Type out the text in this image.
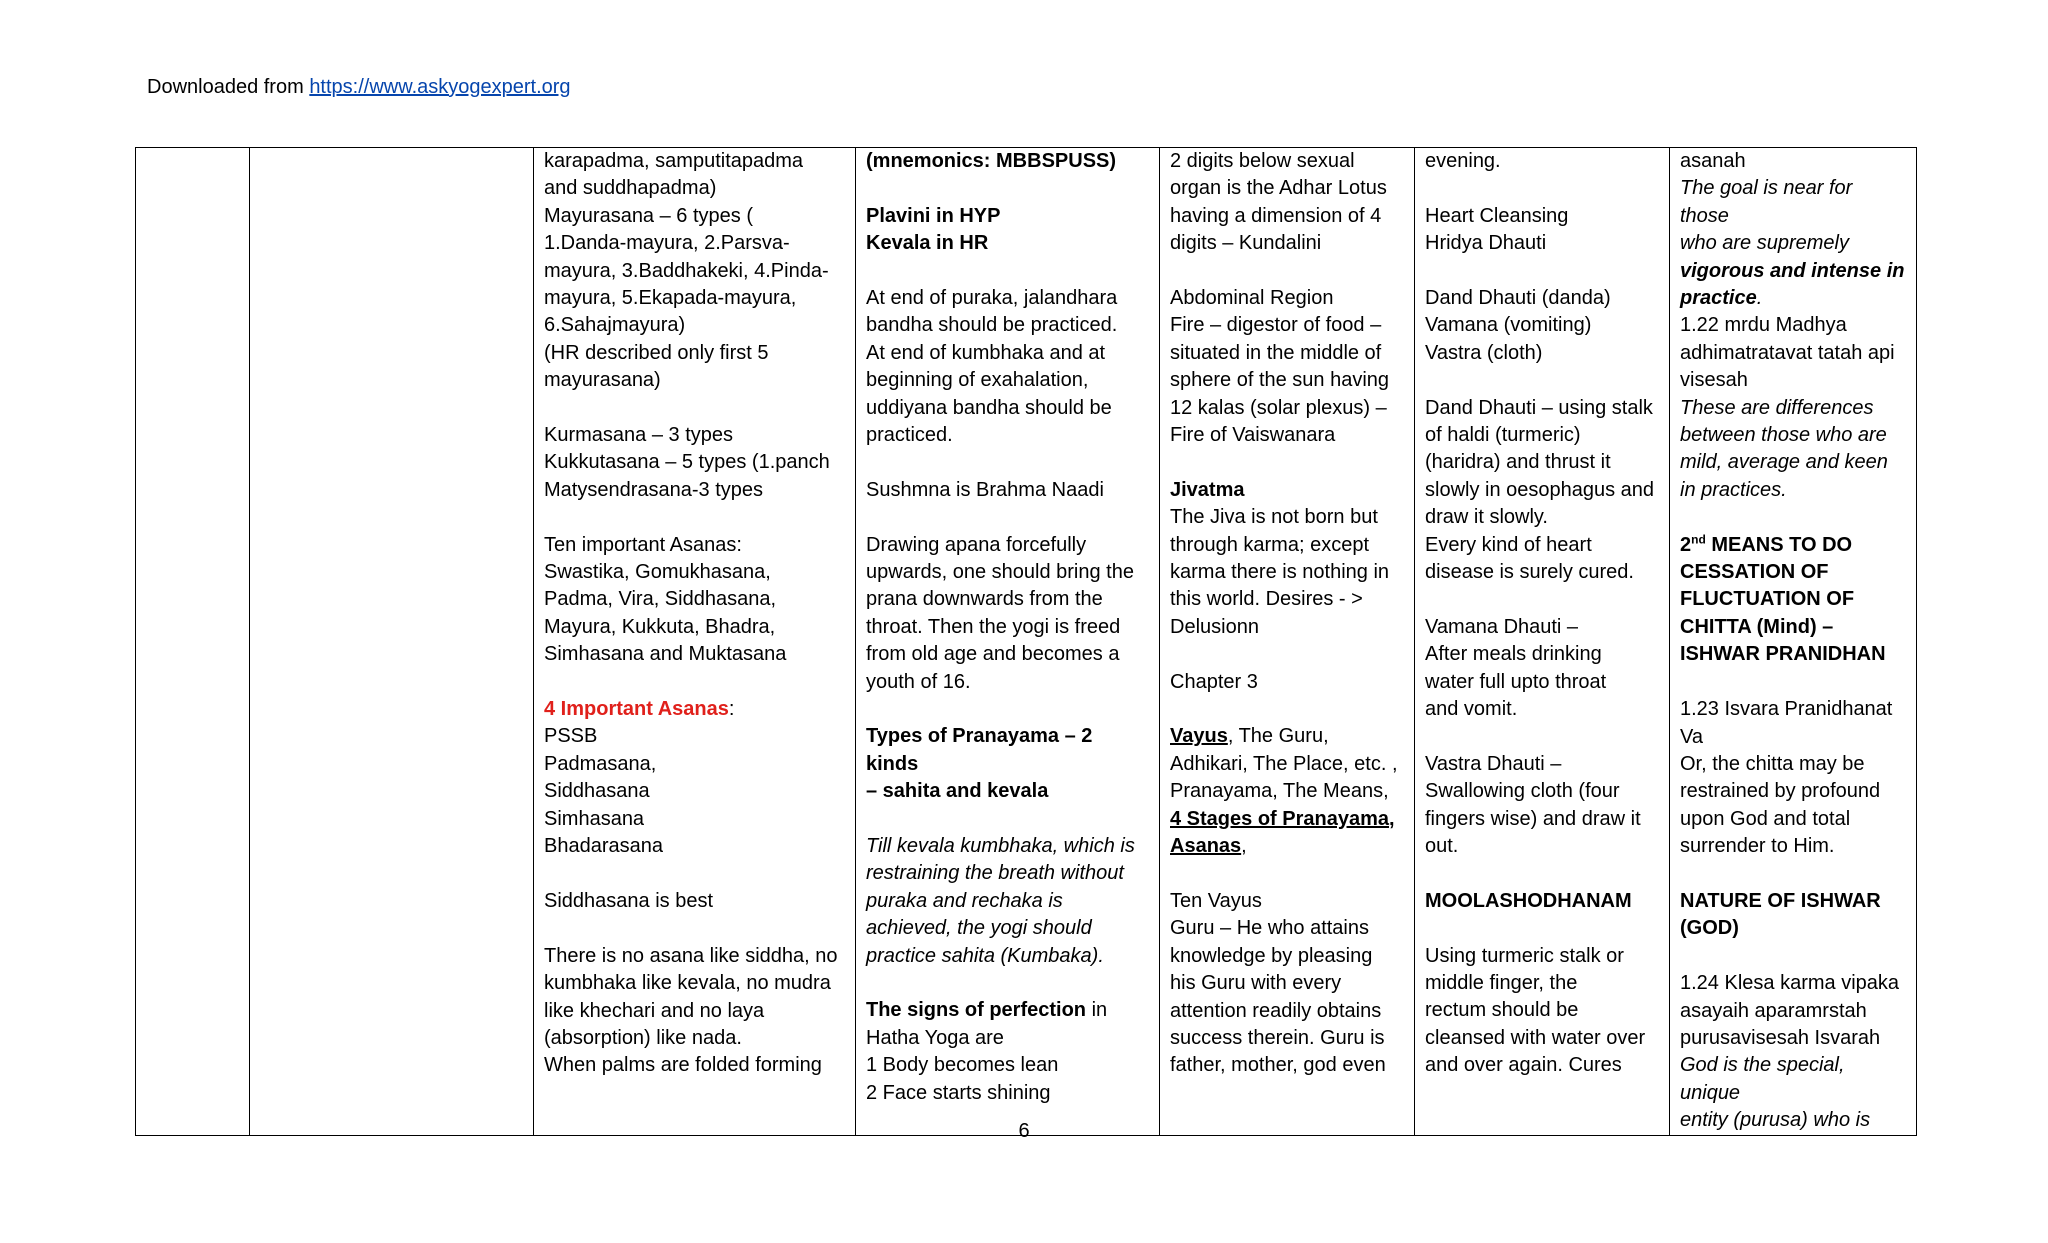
Downloaded from https://www.askyogexpert.org

karapadma, samputitapadma
and suddhapadma)
Mayurasana – 6 types (
1.Danda-mayura, 2.Parsva-
mayura, 3.Baddhakeki, 4.Pinda-
mayura, 5.Ekapada-mayura,
6.Sahajmayura)
(HR described only first 5
mayurasana)
Kurmasana – 3 types
Kukkutasana – 5 types (1.panch
Matysendrasana-3 types
Ten important Asanas:
Swastika, Gomukhasana,
Padma, Vira, Siddhasana,
Mayura, Kukkuta, Bhadra,
Simhasana and Muktasana
4 Important Asanas:
PSSB
Padmasana,
Siddhasana
Simhasana
Bhadarasana
Siddhasana is best
There is no asana like siddha, no
kumbhaka like kevala, no mudra
like khechari and no laya
(absorption) like nada.
When palms are folded forming

(mnemonics: MBBSPUSS)
Plavini in HYP
Kevala in HR
At end of puraka, jalandhara
bandha should be practiced.
At end of kumbhaka and at
beginning of exahalation,
uddiyana bandha should be
practiced.
Sushmna is Brahma Naadi
Drawing apana forcefully
upwards, one should bring the
prana downwards from the
throat. Then the yogi is freed
from old age and becomes a
youth of 16.
Types of Pranayama – 2 kinds
– sahita and kevala
Till kevala kumbhaka, which is
restraining the breath without
puraka and rechaka is
achieved, the yogi should
practice sahita (Kumbaka).
The signs of perfection in
Hatha Yoga are
1 Body becomes lean
2 Face starts shining

2 digits below sexual
organ is the Adhar Lotus
having a dimension of 4
digits – Kundalini
Abdominal Region
Fire – digestor of food –
situated in the middle of
sphere of the sun having
12 kalas (solar plexus) –
Fire of Vaiswanara
Jivatma
The Jiva is not born but
through karma; except
karma there is nothing in
this world. Desires - >
Delusionn
Chapter 3
Vayus, The Guru,
Adhikari, The Place, etc. ,
Pranayama, The Means,
4 Stages of Pranayama,
Asanas,
Ten Vayus
Guru – He who attains
knowledge by pleasing
his Guru with every
attention readily obtains
success therein. Guru is
father, mother, god even

evening.
Heart Cleansing
Hridya Dhauti
Dand Dhauti (danda)
Vamana (vomiting)
Vastra (cloth)
Dand Dhauti – using stalk
of haldi (turmeric)
(haridra) and thrust it
slowly in oesophagus and
draw it slowly.
Every kind of heart
disease is surely cured.
Vamana Dhauti –
After meals drinking
water full upto throat
and vomit.
Vastra Dhauti –
Swallowing cloth (four
fingers wise) and draw it
out.
MOOLASHODHANAM
Using turmeric stalk or
middle finger, the
rectum should be
cleansed with water over
and over again. Cures

asanah
The goal is near for those
who are supremely
vigorous and intense in
practice.
1.22 mrdu Madhya
adhimatratavat tatah api
visesah
These are differences
between those who are
mild, average and keen
in practices.
2nd MEANS TO DO
CESSATION OF
FLUCTUATION OF
CHITTA (Mind) –
ISHWAR PRANIDHAN
1.23 Isvara Pranidhanat
Va
Or, the chitta may be
restrained by profound
upon God and total
surrender to Him.
NATURE OF ISHWAR
(GOD)
1.24 Klesa karma vipaka
asayaih aparamrstah
purusavisesah Isvarah
God is the special, unique
entity (purusa) who is
6
